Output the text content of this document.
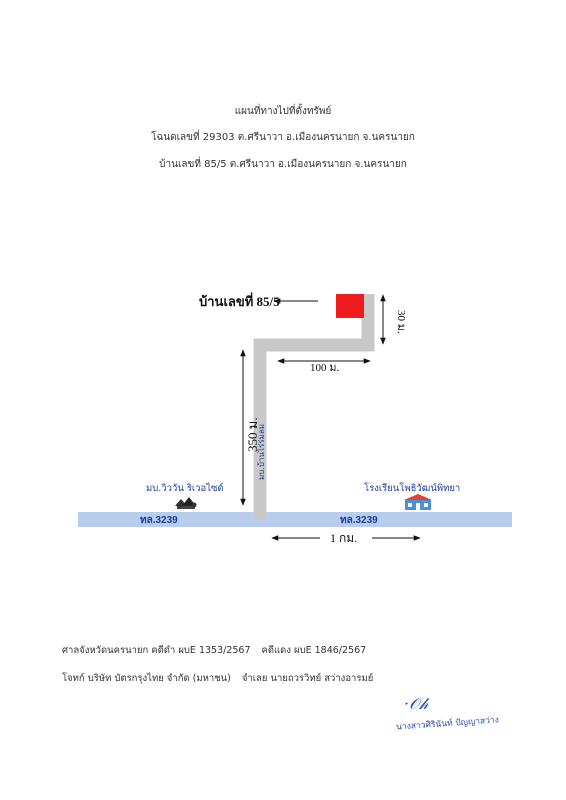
แผนที่ทางไปที่ตั้งทรัพย์
โฉนดเลขที่ 29303 ต.ศรีนาวา อ.เมืองนครนายก จ.นครนายก
บ้านเลขที่ 85/5 ต.ศรีนาวา อ.เมืองนครนายก จ.นครนายก
บ้านเลขที่ 85/5
30 ม.
100 ม.
350 ม.
มบ.บ้านไร่ร่มลม
มบ.วิววัน ริเวอไซด์	โรงเรียนโพธิวัฒน์พิทยา
ทล.3239	ทล.3239
1 กม.
ศาลจังหวัดนครนายก คดีดำ ผบE 1353/2567 คดีแดง ผบE 1846/2567
โจทก์ บริษัท บัตรกรุงไทย จำกัด (มหาชน) จำเลย นายถวรวิทย์ สว่างอารมย์
·𝒪𝒽
นางสาวศิรินันท์ ปัญญาสว่าง
